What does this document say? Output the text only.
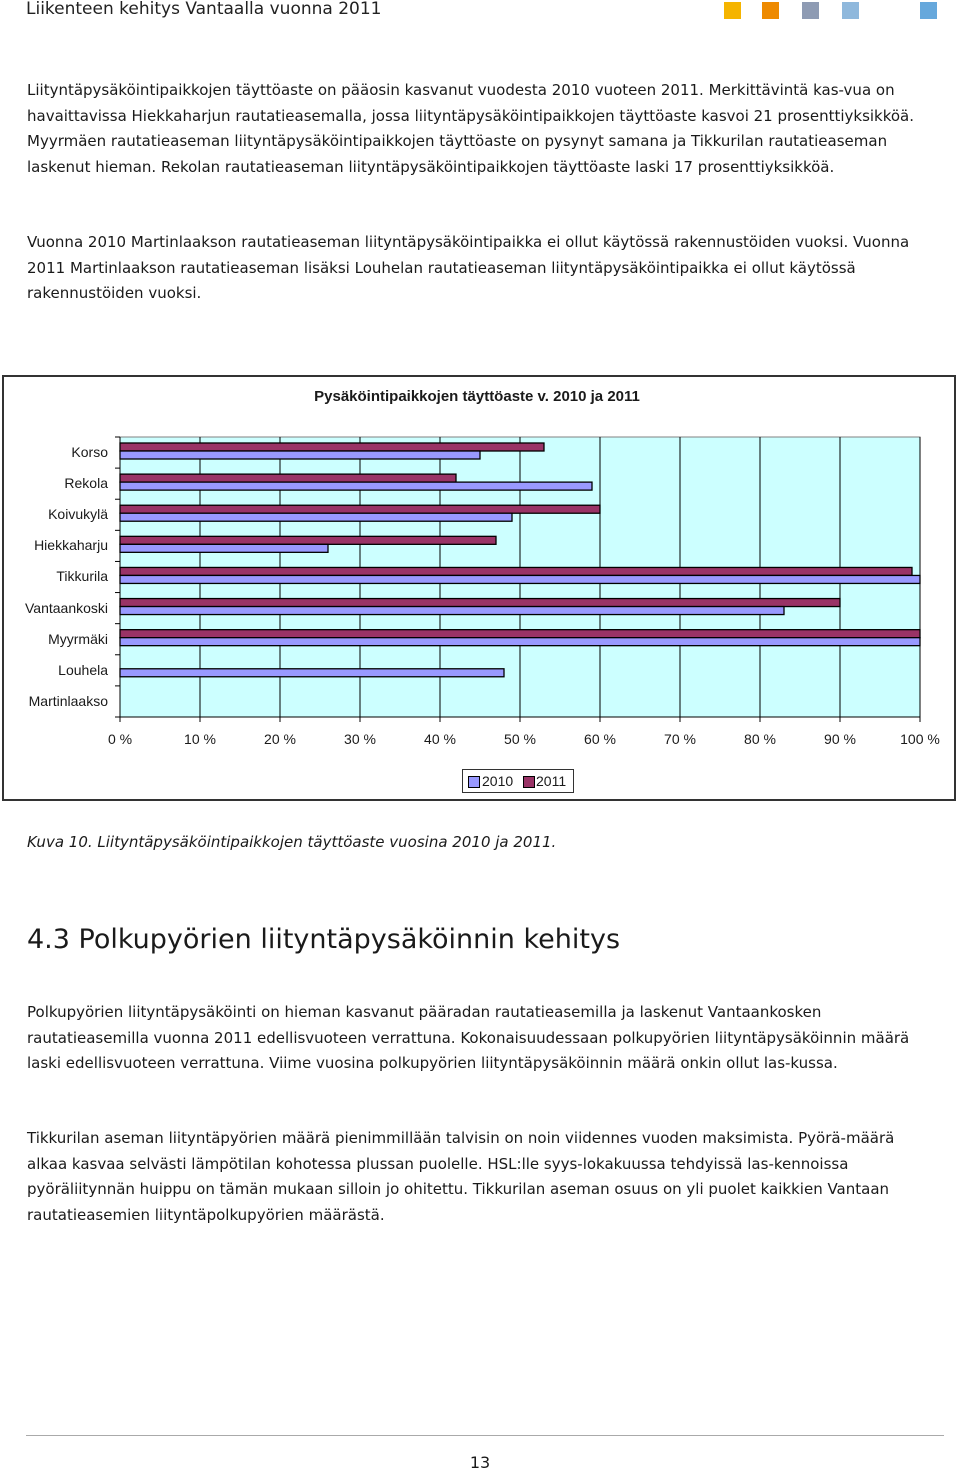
Liikenteen kehitys Vantaalla vuonna 2011

Liityntäpysäköintipaikkojen täyttöaste on pääosin kasvanut vuodesta 2010 vuoteen 2011. Merkittävintä kas-vua on havaittavissa Hiekkaharjun rautatieasemalla, jossa liityntäpysäköintipaikkojen täyttöaste kasvoi 21 prosenttiyksikköä. Myyrmäen rautatieaseman liityntäpysäköintipaikkojen täyttöaste on pysynyt samana ja Tikkurilan rautatieaseman laskenut hieman. Rekolan rautatieaseman liityntäpysäköintipaikkojen täyttöaste laski 17 prosenttiyksikköä.

Vuonna 2010 Martinlaakson rautatieaseman liityntäpysäköintipaikka ei ollut käytössä rakennustöiden vuoksi. Vuonna 2011 Martinlaakson rautatieaseman lisäksi Louhelan rautatieaseman liityntäpysäköintipaikka ei ollut käytössä rakennustöiden vuoksi.

Pysäköintipaikkojen täyttöaste v. 2010 ja 2011
Korso
Rekola
Koivukylä
Hiekkaharju
Tikkurila
Vantaankoski
Myyrmäki
Louhela
Martinlaakso
0 %	10 %	20 %	30 %	40 %	50 %	60 %	70 %	80 %	90 %	100 %
2010 2011
Kuva 10. Liityntäpysäköintipaikkojen täyttöaste vuosina 2010 ja 2011.
4.3 Polkupyörien liityntäpysäköinnin kehitys

Polkupyörien liityntäpysäköinti on hieman kasvanut pääradan rautatieasemilla ja laskenut Vantaankosken rautatieasemilla vuonna 2011 edellisvuoteen verrattuna. Kokonaisuudessaan polkupyörien liityntäpysäköinnin määrä laski edellisvuoteen verrattuna. Viime vuosina polkupyörien liityntäpysäköinnin määrä onkin ollut las-kussa.

Tikkurilan aseman liityntäpyörien määrä pienimmillään talvisin on noin viidennes vuoden maksimista. Pyörä-määrä alkaa kasvaa selvästi lämpötilan kohotessa plussan puolelle. HSL:lle syys-lokakuussa tehdyissä las-kennoissa pyöräliitynnän huippu on tämän mukaan silloin jo ohitettu. Tikkurilan aseman osuus on yli puolet kaikkien Vantaan rautatieasemien liityntäpolkupyörien määrästä.

13
